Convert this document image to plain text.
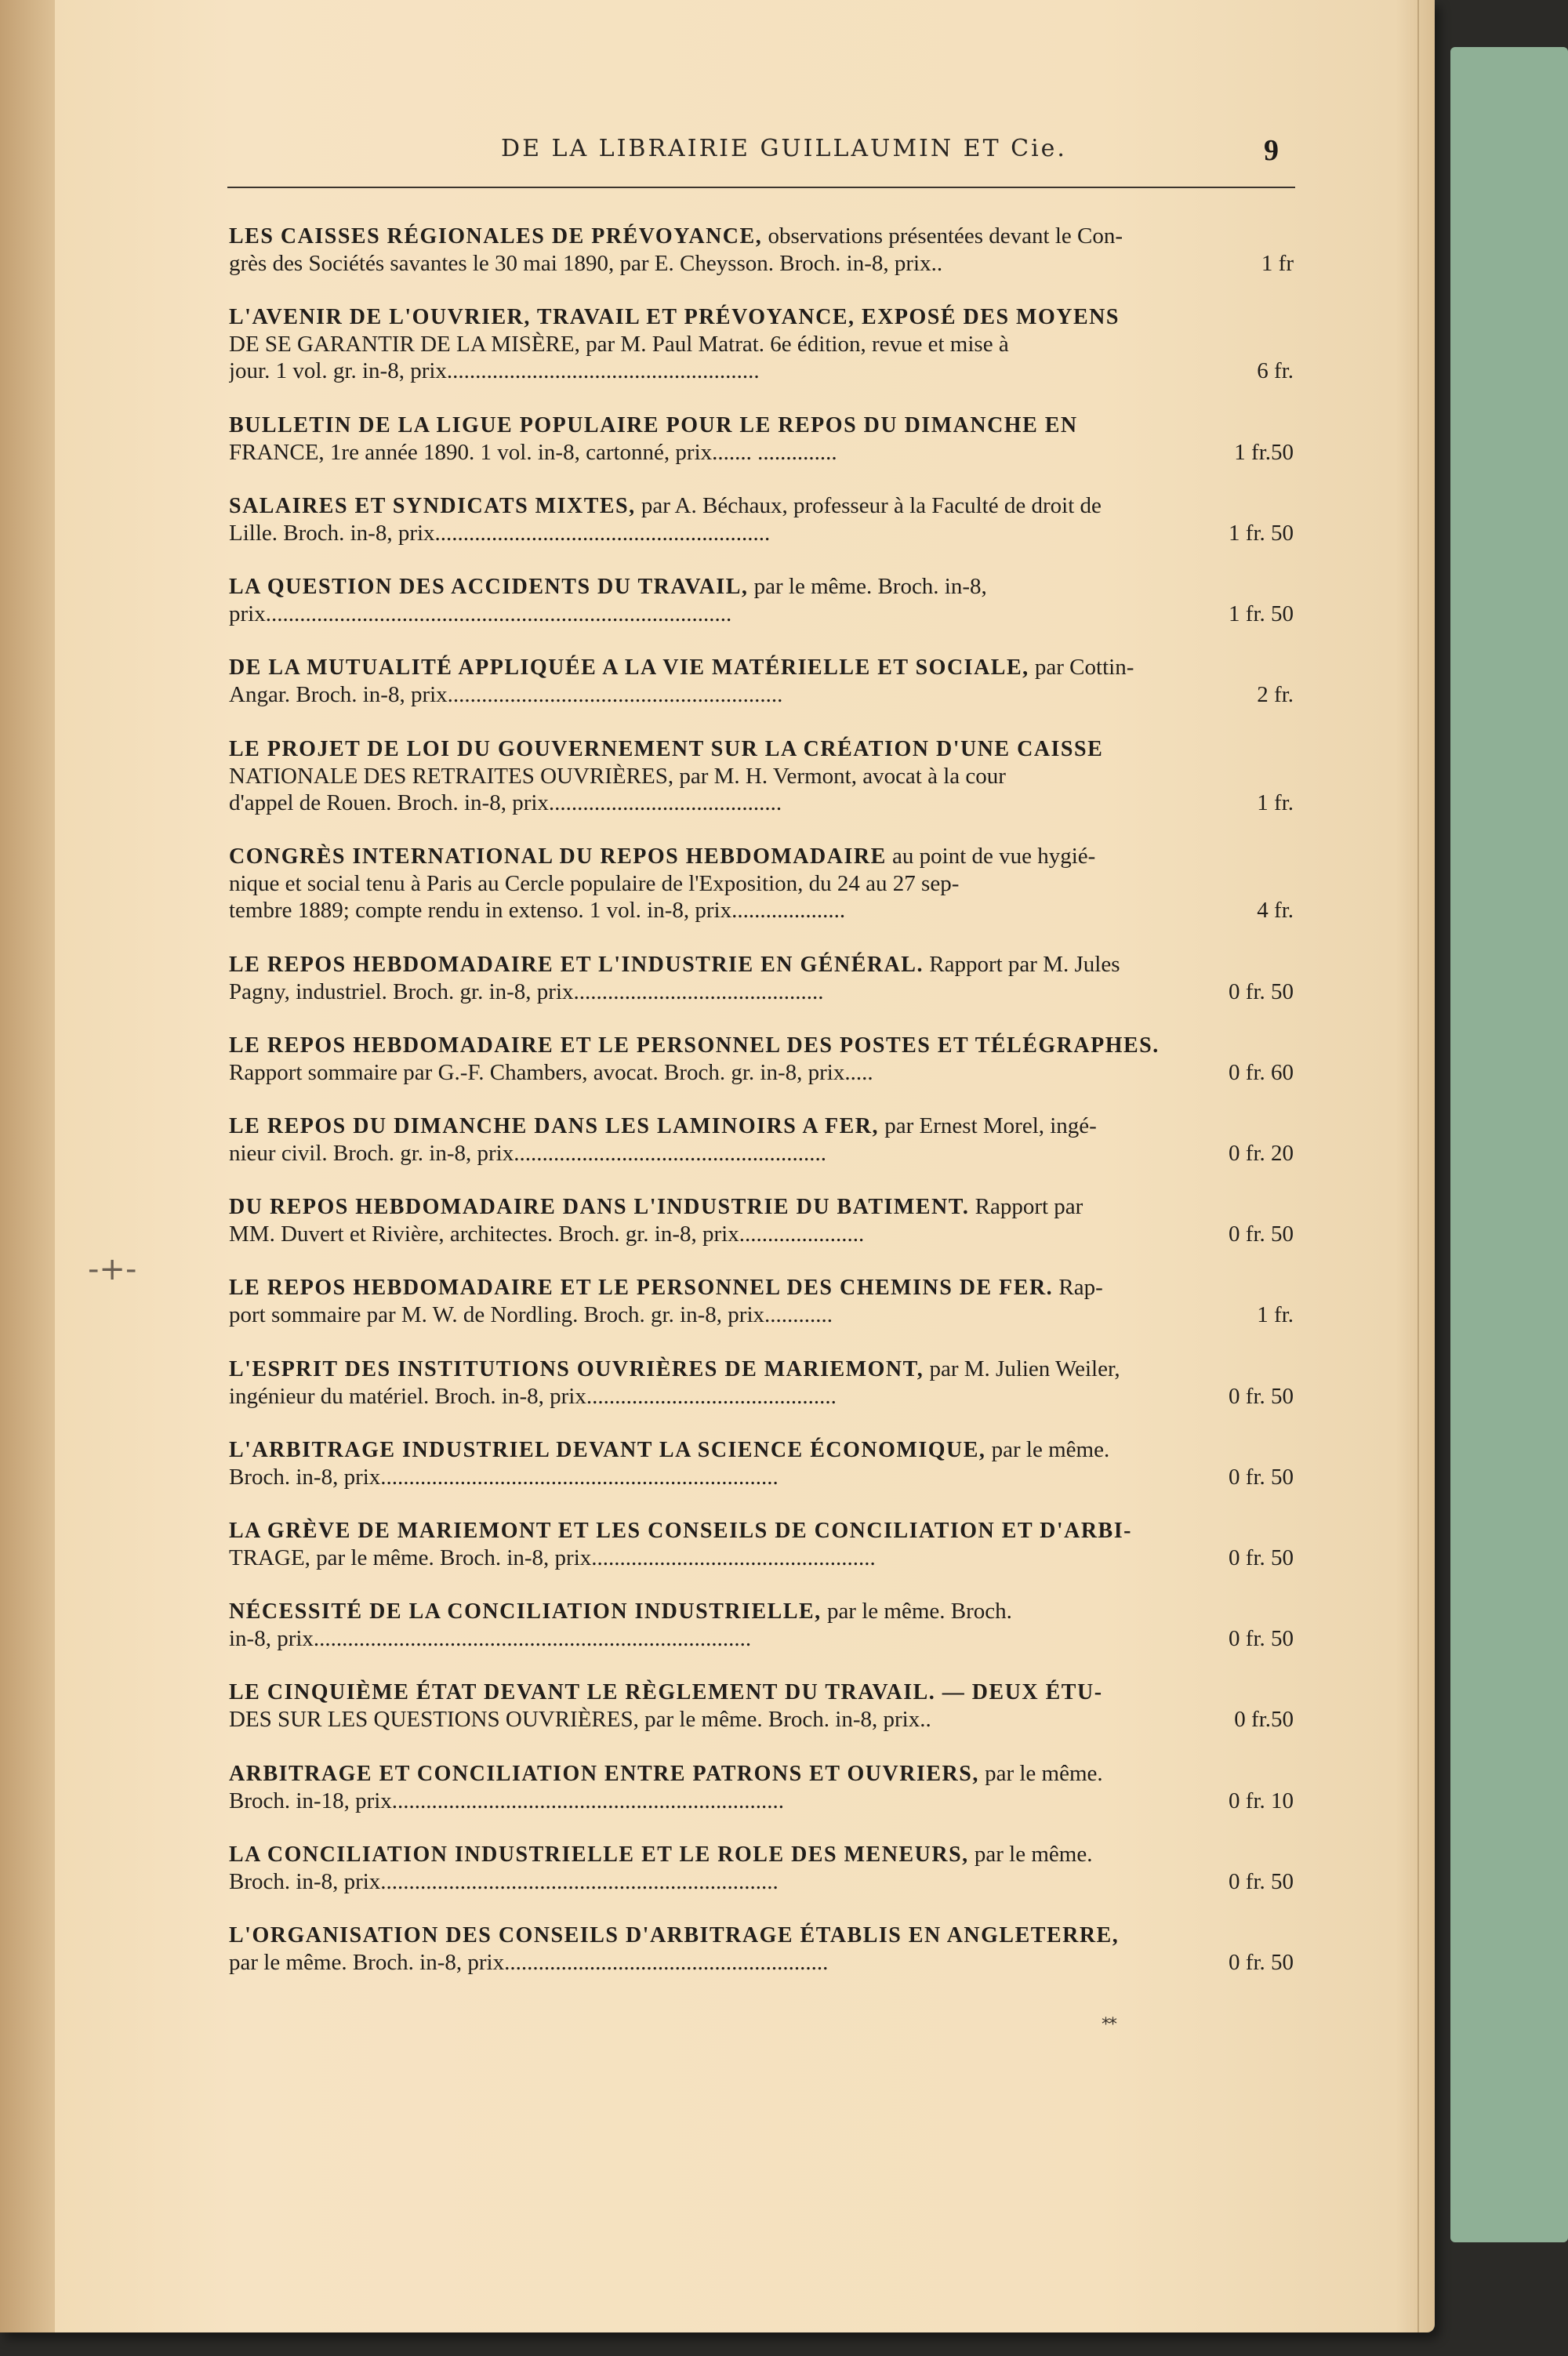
-+-
DE LA LIBRAIRIE GUILLAUMIN ET Cie.	9
LES CAISSES RÉGIONALES DE PRÉVOYANCE, observations présentées devant le Con-
grès des Sociétés savantes le 30 mai 1890, par E. Cheysson. Broch. in-8, prix..	1 fr
L'AVENIR DE L'OUVRIER, TRAVAIL ET PRÉVOYANCE, EXPOSÉ DES MOYENS
DE SE GARANTIR DE LA MISÈRE, par M. Paul Matrat. 6e édition, revue et mise à
jour. 1 vol. gr. in-8, prix.......................................................	6 fr.
BULLETIN DE LA LIGUE POPULAIRE POUR LE REPOS DU DIMANCHE EN
FRANCE, 1re année 1890. 1 vol. in-8, cartonné, prix....... ..............	1 fr.50
SALAIRES ET SYNDICATS MIXTES, par A. Béchaux, professeur à la Faculté de droit de
Lille. Broch. in-8, prix...........................................................	1 fr. 50
LA QUESTION DES ACCIDENTS DU TRAVAIL, par le même. Broch. in-8,
prix..................................................................................	1 fr. 50
DE LA MUTUALITÉ APPLIQUÉE A LA VIE MATÉRIELLE ET SOCIALE, par Cottin-
Angar. Broch. in-8, prix...........................................................	2 fr.
LE PROJET DE LOI DU GOUVERNEMENT SUR LA CRÉATION D'UNE CAISSE
NATIONALE DES RETRAITES OUVRIÈRES, par M. H. Vermont, avocat à la cour
d'appel de Rouen. Broch. in-8, prix.........................................	1 fr.
CONGRÈS INTERNATIONAL DU REPOS HEBDOMADAIRE au point de vue hygié-
nique et social tenu à Paris au Cercle populaire de l'Exposition, du 24 au 27 sep-
tembre 1889; compte rendu in extenso. 1 vol. in-8, prix....................	4 fr.
LE REPOS HEBDOMADAIRE ET L'INDUSTRIE EN GÉNÉRAL. Rapport par M. Jules
Pagny, industriel. Broch. gr. in-8, prix............................................	0 fr. 50
LE REPOS HEBDOMADAIRE ET LE PERSONNEL DES POSTES ET TÉLÉGRAPHES.
Rapport sommaire par G.-F. Chambers, avocat. Broch. gr. in-8, prix.....	0 fr. 60
LE REPOS DU DIMANCHE DANS LES LAMINOIRS A FER, par Ernest Morel, ingé-
nieur civil. Broch. gr. in-8, prix.......................................................	0 fr. 20
DU REPOS HEBDOMADAIRE DANS L'INDUSTRIE DU BATIMENT. Rapport par
MM. Duvert et Rivière, architectes. Broch. gr. in-8, prix......................	0 fr. 50
LE REPOS HEBDOMADAIRE ET LE PERSONNEL DES CHEMINS DE FER. Rap-
port sommaire par M. W. de Nordling. Broch. gr. in-8, prix............	1 fr.
L'ESPRIT DES INSTITUTIONS OUVRIÈRES DE MARIEMONT, par M. Julien Weiler,
ingénieur du matériel. Broch. in-8, prix............................................	0 fr. 50
L'ARBITRAGE INDUSTRIEL DEVANT LA SCIENCE ÉCONOMIQUE, par le même.
Broch. in-8, prix......................................................................	0 fr. 50
LA GRÈVE DE MARIEMONT ET LES CONSEILS DE CONCILIATION ET D'ARBI-
TRAGE, par le même. Broch. in-8, prix..................................................	0 fr. 50
NÉCESSITÉ DE LA CONCILIATION INDUSTRIELLE, par le même. Broch.
in-8, prix.............................................................................	0 fr. 50
LE CINQUIÈME ÉTAT DEVANT LE RÈGLEMENT DU TRAVAIL. — DEUX ÉTU-
DES SUR LES QUESTIONS OUVRIÈRES, par le même. Broch. in-8, prix..	0 fr.50
ARBITRAGE ET CONCILIATION ENTRE PATRONS ET OUVRIERS, par le même.
Broch. in-18, prix.....................................................................	0 fr. 10
LA CONCILIATION INDUSTRIELLE ET LE ROLE DES MENEURS, par le même.
Broch. in-8, prix......................................................................	0 fr. 50
L'ORGANISATION DES CONSEILS D'ARBITRAGE ÉTABLIS EN ANGLETERRE,
par le même. Broch. in-8, prix.........................................................	0 fr. 50
**
